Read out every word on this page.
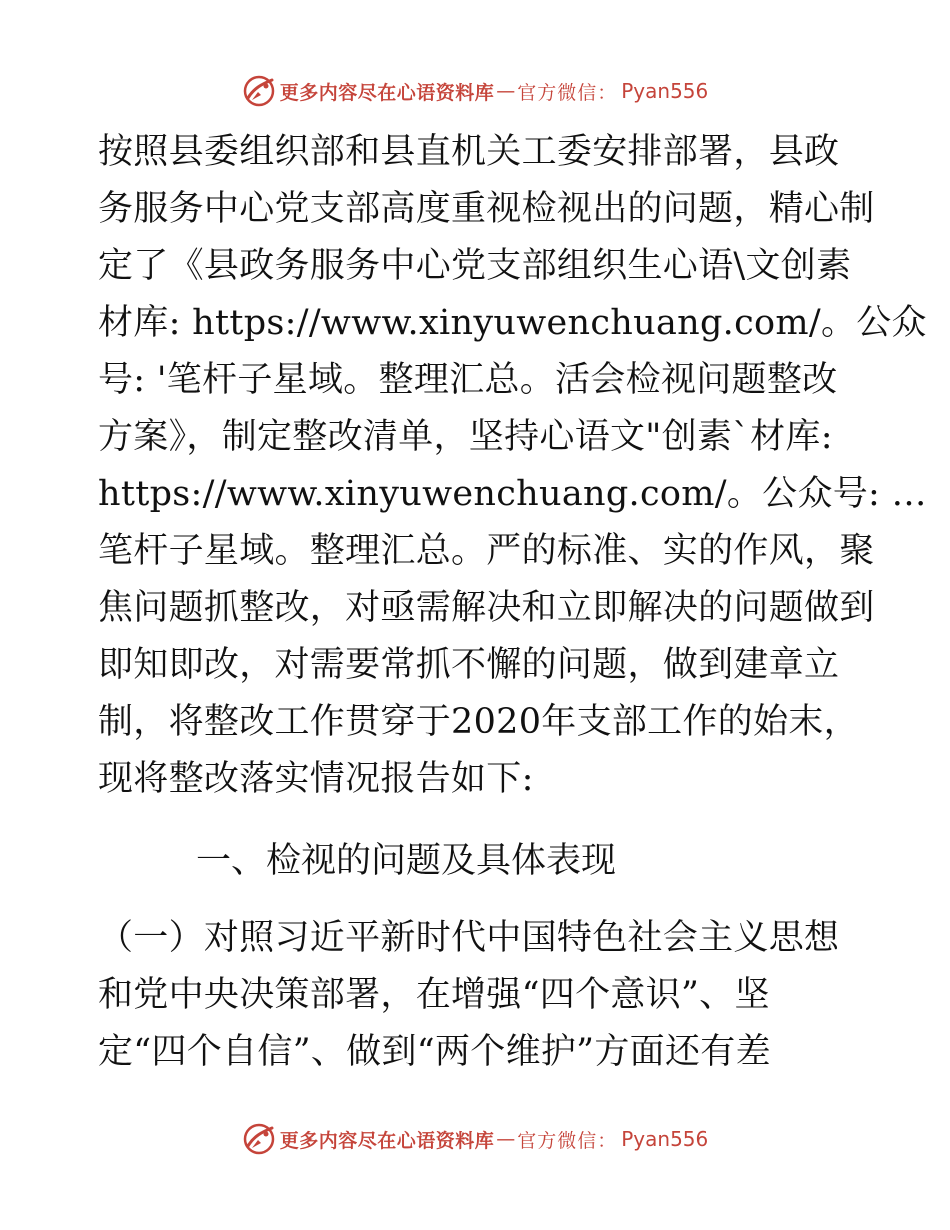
更多内容尽在心语资料库 — 官方微信： Pyan556
按照县委组织部和县直机关工委安排部署，县政
务服务中心党支部高度重视检视出的问题，精心制
定了《县政务服务中心党支部组织生心语\文创素
材库: https://www.xinyuwenchuang.com/。公众
号: '笔杆子星域。整理汇总。活会检视问题整改
方案》，制定整改清单，坚持心语文"创素`材库:
https://www.xinyuwenchuang.com/。公众号: …
笔杆子星域。整理汇总。严的标准、实的作风，聚
焦问题抓整改，对亟需解决和立即解决的问题做到
即知即改，对需要常抓不懈的问题，做到建章立
制，将整改工作贯穿于2020年支部工作的始末，
现将整改落实情况报告如下:
一、检视的问题及具体表现
（一）对照习近平新时代中国特色社会主义思想
和党中央决策部署，在增强“四个意识”、坚
定“四个自信”、做到“两个维护”方面还有差
更多内容尽在心语资料库 — 官方微信： Pyan556
